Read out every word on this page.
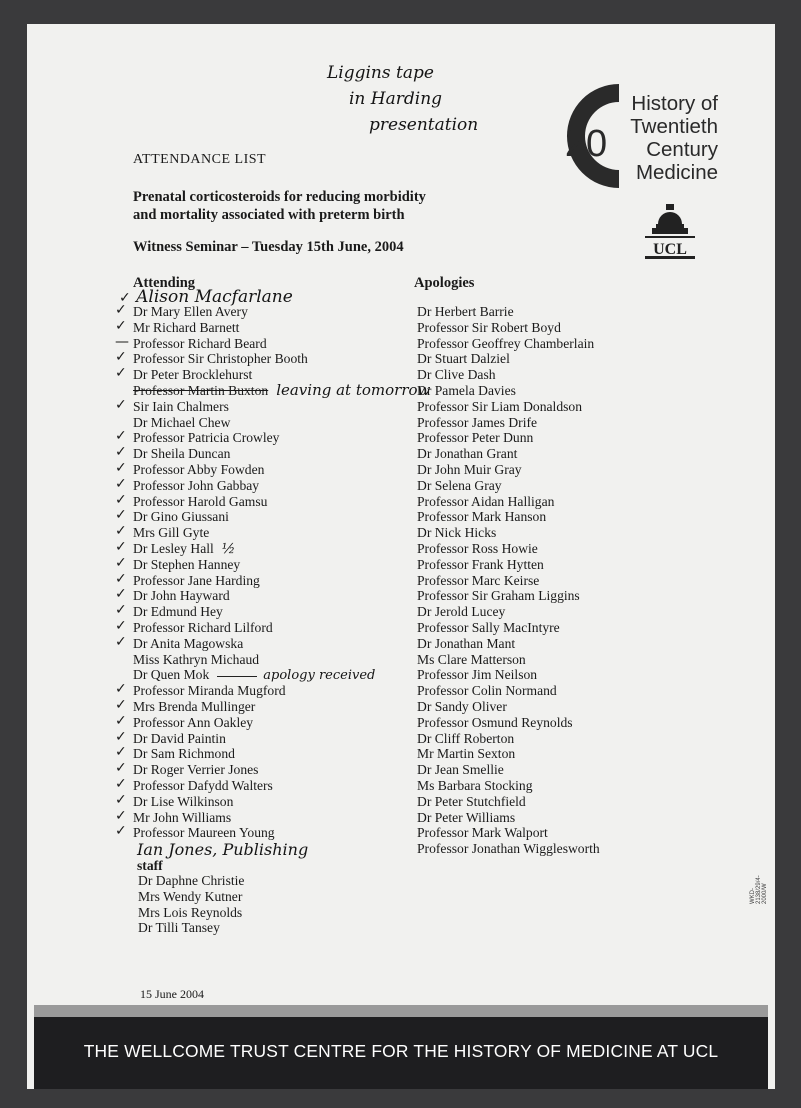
Liggins tape
in Harding
presentation
ATTENDANCE LIST
Prenatal corticosteroids for reducing morbidity
and mortality associated with preterm birth
Witness Seminar – Tuesday 15th June, 2004
20
History of
Twentieth
Century
Medicine
UCL
Attending
✓ Alison Macfarlane
✓ Dr Mary Ellen Avery
✓ Mr Richard Barnett
— Professor Richard Beard
✓ Professor Sir Christopher Booth
✓ Dr Peter Brocklehurst
Professor Martin Buxton leaving at tomorrow
✓ Sir Iain Chalmers
Dr Michael Chew
✓ Professor Patricia Crowley
✓ Dr Sheila Duncan
✓ Professor Abby Fowden
✓ Professor John Gabbay
✓ Professor Harold Gamsu
✓ Dr Gino Giussani
✓ Mrs Gill Gyte
✓ Dr Lesley Hall ½
✓ Dr Stephen Hanney
✓ Professor Jane Harding
✓ Dr John Hayward
✓ Dr Edmund Hey
✓ Professor Richard Lilford
✓ Dr Anita Magowska
Miss Kathryn Michaud
Dr Quen Mok	apology received
✓ Professor Miranda Mugford
✓ Mrs Brenda Mullinger
✓ Professor Ann Oakley
✓ Dr David Paintin
✓ Dr Sam Richmond
✓ Dr Roger Verrier Jones
✓ Professor Dafydd Walters
✓ Dr Lise Wilkinson
✓ Mr John Williams
✓ Professor Maureen Young
Ian Jones, Publishing
staff
Dr Daphne Christie
Mrs Wendy Kutner
Mrs Lois Reynolds
Dr Tilli Tansey
Apologies
Dr Herbert Barrie
Professor Sir Robert Boyd
Professor Geoffrey Chamberlain
Dr Stuart Dalziel
Dr Clive Dash
Dr Pamela Davies
Professor Sir Liam Donaldson
Professor James Drife
Professor Peter Dunn
Dr Jonathan Grant
Dr John Muir Gray
Dr Selena Gray
Professor Aidan Halligan
Professor Mark Hanson
Dr Nick Hicks
Professor Ross Howie
Professor Frank Hytten
Professor Marc Keirse
Professor Sir Graham Liggins
Dr Jerold Lucey
Professor Sally MacIntyre
Dr Jonathan Mant
Ms Clare Matterson
Professor Jim Neilson
Professor Colin Normand
Dr Sandy Oliver
Professor Osmund Reynolds
Dr Cliff Roberton
Mr Martin Sexton
Dr Jean Smellie
Ms Barbara Stocking
Dr Peter Stutchfield
Dr Peter Williams
Professor Mark Walport
Professor Jonathan Wigglesworth
15 June 2004
WKD-2138/29/4-2000/W
THE WELLCOME TRUST CENTRE FOR THE HISTORY OF MEDICINE AT UCL
